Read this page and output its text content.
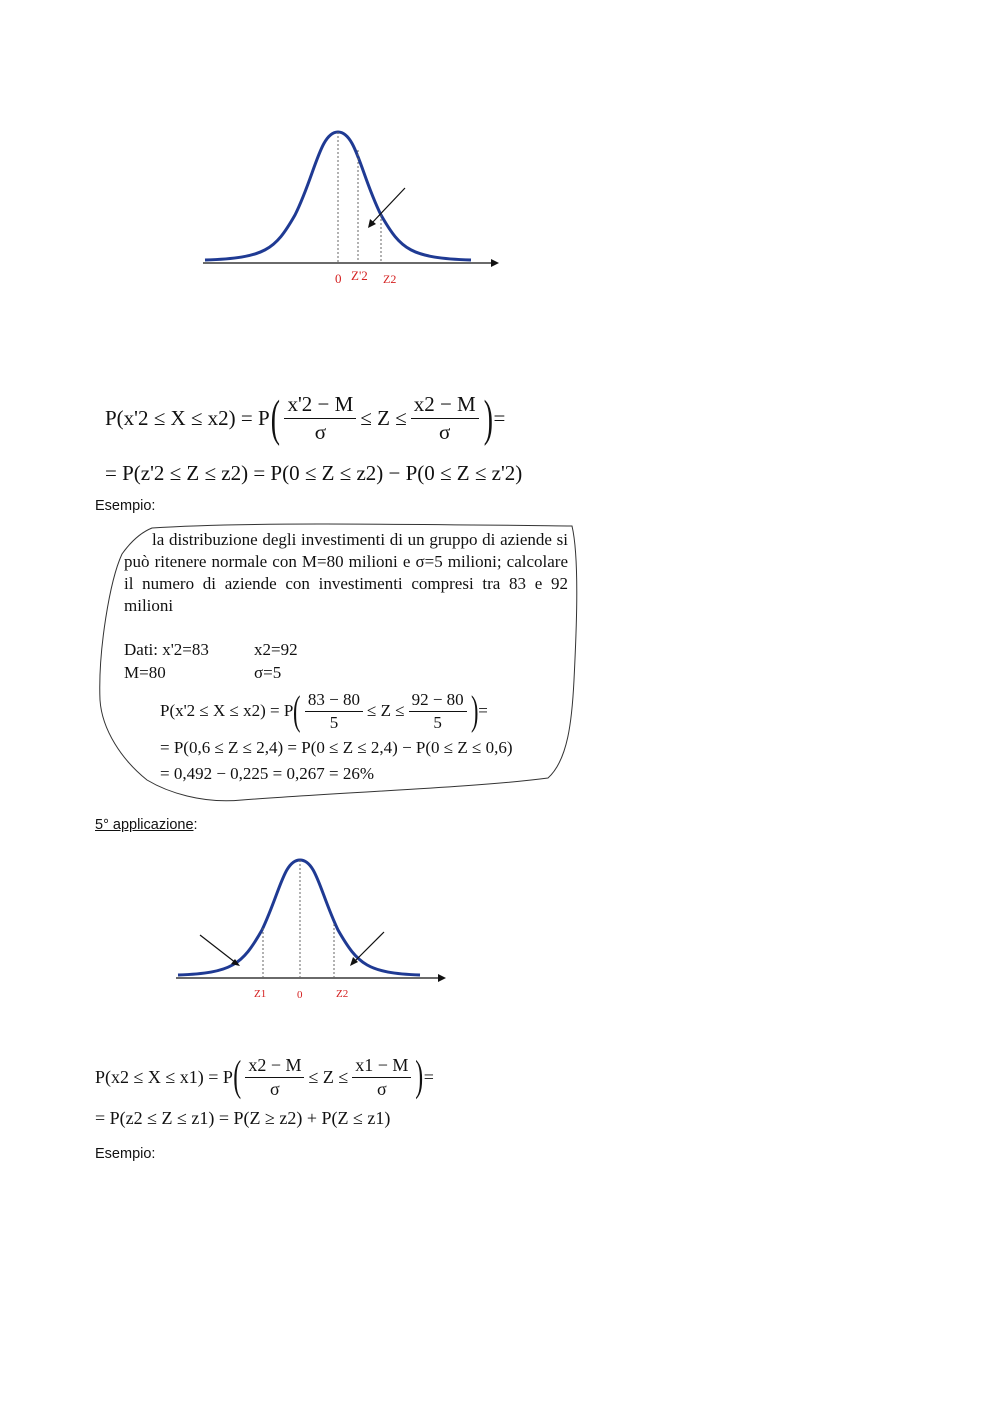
0 Z'2 Z2
P(x'2 ≤ X ≤ x2) = P ( $\frac{x'2 - M}{\sigma} \le Z \le \frac{x2 - M}{\sigma}$ ) =
= P(z'2 ≤ Z ≤ z2) = P(0 ≤ Z ≤ z2) − P(0 ≤ Z ≤ z'2)
Esempio:
la distribuzione degli investimenti di un gruppo di aziende si può ritenere normale con M=80 milioni e σ=5 milioni; calcolare il numero di aziende con investimenti compresi tra 83 e 92 milioni
Dati: x'2=83	x2=92
M=80	σ=5
P(x'2 ≤ X ≤ x2) = P ( $\frac{83 - 80}{5} \le Z \le \frac{92 - 80}{5}$ ) =
= P(0,6 ≤ Z ≤ 2,4) = P(0 ≤ Z ≤ 2,4) − P(0 ≤ Z ≤ 0,6)
= 0,492 − 0,225 = 0,267 = 26%
5° applicazione:
Z1	0	Z2
P(x2 ≤ X ≤ x1) = P ( $\frac{x2 - M}{\sigma} \le Z \le \frac{x1 - M}{\sigma}$ ) =
= P(z2 ≤ Z ≤ z1) = P(Z ≥ z2) + P(Z ≤ z1)
Esempio:
